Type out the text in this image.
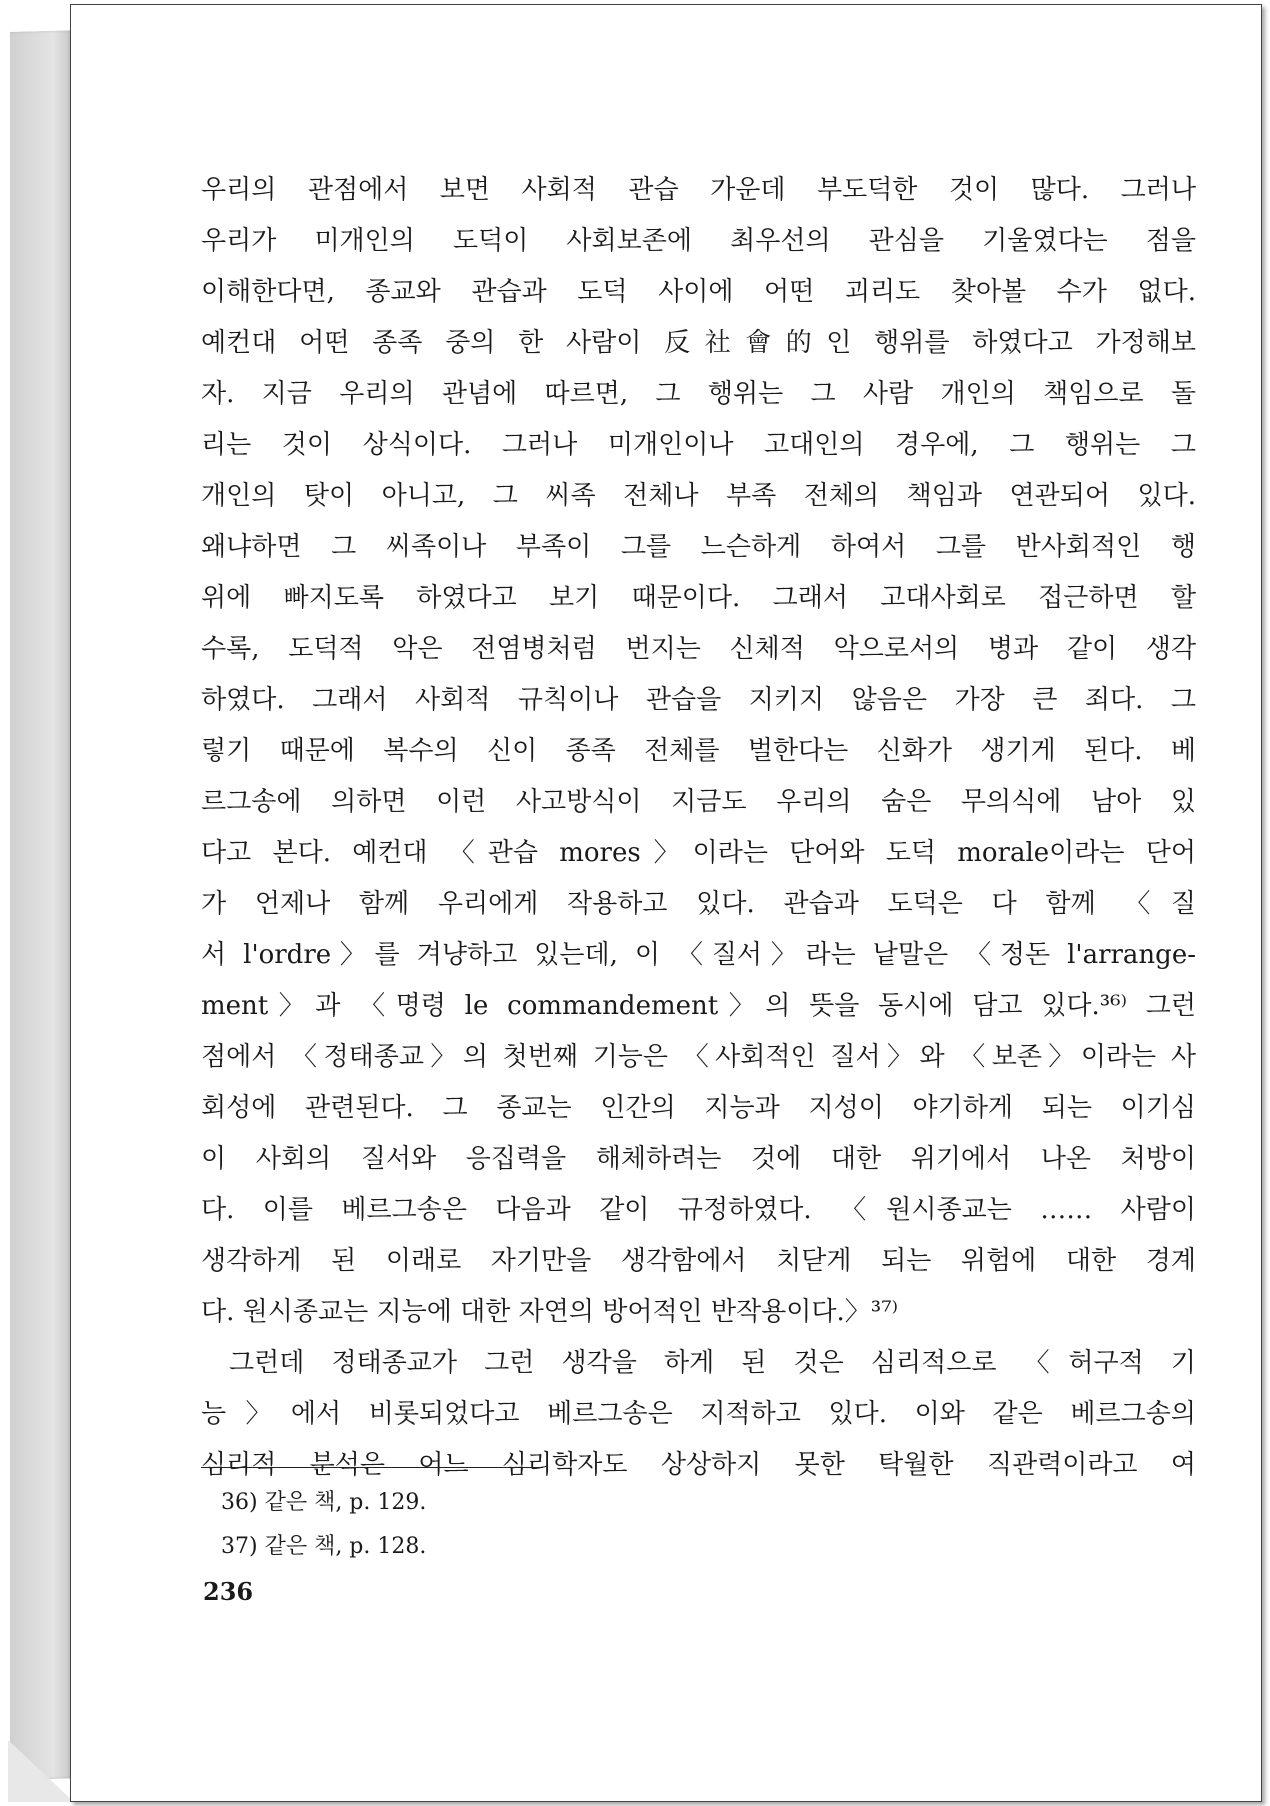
우리의 관점에서 보면 사회적 관습 가운데 부도덕한 것이 많다. 그러나
우리가 미개인의 도덕이 사회보존에 최우선의 관심을 기울였다는 점을
이해한다면, 종교와 관습과 도덕 사이에 어떤 괴리도 찾아볼 수가 없다.
예컨대 어떤 종족 중의 한 사람이 反社會的인 행위를 하였다고 가정해보
자. 지금 우리의 관념에 따르면, 그 행위는 그 사람 개인의 책임으로 돌
리는 것이 상식이다. 그러나 미개인이나 고대인의 경우에, 그 행위는 그
개인의 탓이 아니고, 그 씨족 전체나 부족 전체의 책임과 연관되어 있다.
왜냐하면 그 씨족이나 부족이 그를 느슨하게 하여서 그를 반사회적인 행
위에 빠지도록 하였다고 보기 때문이다. 그래서 고대사회로 접근하면 할
수록, 도덕적 악은 전염병처럼 번지는 신체적 악으로서의 병과 같이 생각
하였다. 그래서 사회적 규칙이나 관습을 지키지 않음은 가장 큰 죄다. 그
렇기 때문에 복수의 신이 종족 전체를 벌한다는 신화가 생기게 된다. 베
르그송에 의하면 이런 사고방식이 지금도 우리의 숨은 무의식에 남아 있
다고 본다. 예컨대 〈관습 mores〉이라는 단어와 도덕 morale이라는 단어
가 언제나 함께 우리에게 작용하고 있다. 관습과 도덕은 다 함께 〈질
서 l'ordre〉를 겨냥하고 있는데, 이 〈질서〉라는 낱말은 〈정돈 l'arrange-
ment〉과 〈명령 le commandement〉의 뜻을 동시에 담고 있다.³⁶⁾ 그런
점에서 〈정태종교〉의 첫번째 기능은 〈사회적인 질서〉와 〈보존〉이라는 사
회성에 관련된다. 그 종교는 인간의 지능과 지성이 야기하게 되는 이기심
이 사회의 질서와 응집력을 해체하려는 것에 대한 위기에서 나온 처방이
다. 이를 베르그송은 다음과 같이 규정하였다. 〈원시종교는 …… 사람이
생각하게 된 이래로 자기만을 생각함에서 치닫게 되는 위험에 대한 경계
다. 원시종교는 지능에 대한 자연의 방어적인 반작용이다.〉³⁷⁾
그런데 정태종교가 그런 생각을 하게 된 것은 심리적으로 〈허구적 기
능〉에서 비롯되었다고 베르그송은 지적하고 있다. 이와 같은 베르그송의
심리적 분석은 어느 심리학자도 상상하지 못한 탁월한 직관력이라고 여
36) 같은 책, p. 129.
37) 같은 책, p. 128.
236
